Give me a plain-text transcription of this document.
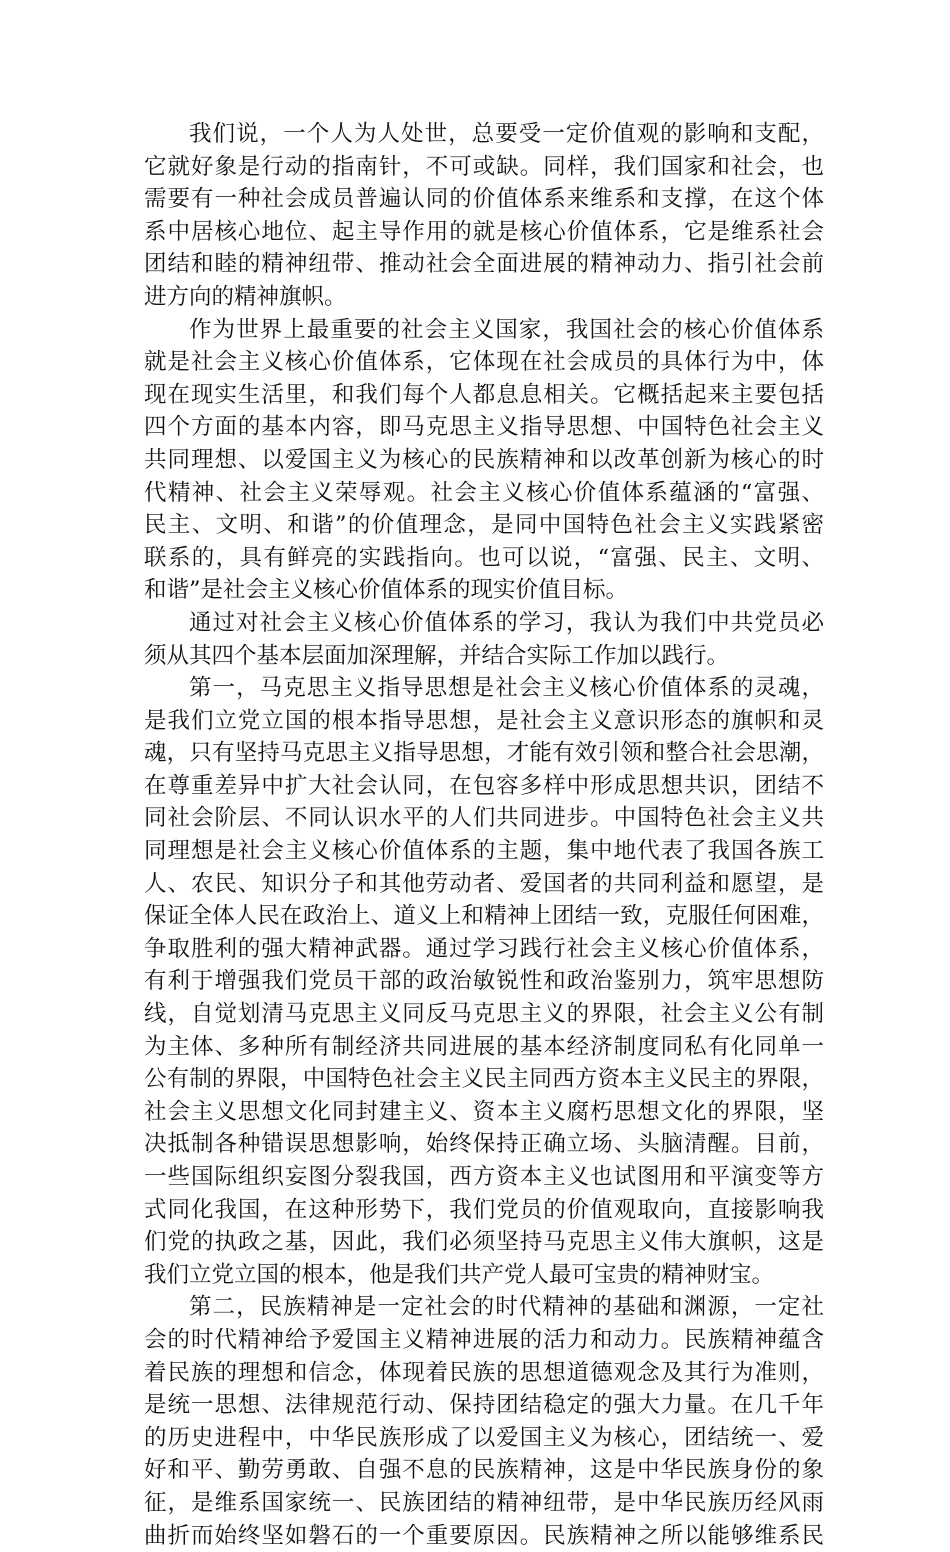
我们说，一个人为人处世，总要受一定价值观的影响和支配，
它就好象是行动的指南针，不可或缺。同样，我们国家和社会，也
需要有一种社会成员普遍认同的价值体系来维系和支撑，在这个体
系中居核心地位、起主导作用的就是核心价值体系，它是维系社会
团结和睦的精神纽带、推动社会全面进展的精神动力、指引社会前
进方向的精神旗帜。
作为世界上最重要的社会主义国家，我国社会的核心价值体系
就是社会主义核心价值体系，它体现在社会成员的具体行为中，体
现在现实生活里，和我们每个人都息息相关。它概括起来主要包括
四个方面的基本内容，即马克思主义指导思想、中国特色社会主义
共同理想、以爱国主义为核心的民族精神和以改革创新为核心的时
代精神、社会主义荣辱观。社会主义核心价值体系蕴涵的“富强、
民主、文明、和谐”的价值理念，是同中国特色社会主义实践紧密
联系的，具有鲜亮的实践指向。也可以说，“富强、民主、文明、
和谐”是社会主义核心价值体系的现实价值目标。
通过对社会主义核心价值体系的学习，我认为我们中共党员必
须从其四个基本层面加深理解，并结合实际工作加以践行。
第一，马克思主义指导思想是社会主义核心价值体系的灵魂，
是我们立党立国的根本指导思想，是社会主义意识形态的旗帜和灵
魂，只有坚持马克思主义指导思想，才能有效引领和整合社会思潮，
在尊重差异中扩大社会认同，在包容多样中形成思想共识，团结不
同社会阶层、不同认识水平的人们共同进步。中国特色社会主义共
同理想是社会主义核心价值体系的主题，集中地代表了我国各族工
人、农民、知识分子和其他劳动者、爱国者的共同利益和愿望，是
保证全体人民在政治上、道义上和精神上团结一致，克服任何困难，
争取胜利的强大精神武器。通过学习践行社会主义核心价值体系，
有利于增强我们党员干部的政治敏锐性和政治鉴别力，筑牢思想防
线，自觉划清马克思主义同反马克思主义的界限，社会主义公有制
为主体、多种所有制经济共同进展的基本经济制度同私有化同单一
公有制的界限，中国特色社会主义民主同西方资本主义民主的界限，
社会主义思想文化同封建主义、资本主义腐朽思想文化的界限，坚
决抵制各种错误思想影响，始终保持正确立场、头脑清醒。目前，
一些国际组织妄图分裂我国，西方资本主义也试图用和平演变等方
式同化我国，在这种形势下，我们党员的价值观取向，直接影响我
们党的执政之基，因此，我们必须坚持马克思主义伟大旗帜，这是
我们立党立国的根本，他是我们共产党人最可宝贵的精神财宝。
第二，民族精神是一定社会的时代精神的基础和渊源，一定社
会的时代精神给予爱国主义精神进展的活力和动力。民族精神蕴含
着民族的理想和信念，体现着民族的思想道德观念及其行为准则，
是统一思想、法律规范行动、保持团结稳定的强大力量。在几千年
的历史进程中，中华民族形成了以爱国主义为核心，团结统一、爱
好和平、勤劳勇敢、自强不息的民族精神，这是中华民族身份的象
征，是维系国家统一、民族团结的精神纽带，是中华民族历经风雨
曲折而始终坚如磐石的一个重要原因。民族精神之所以能够维系民
